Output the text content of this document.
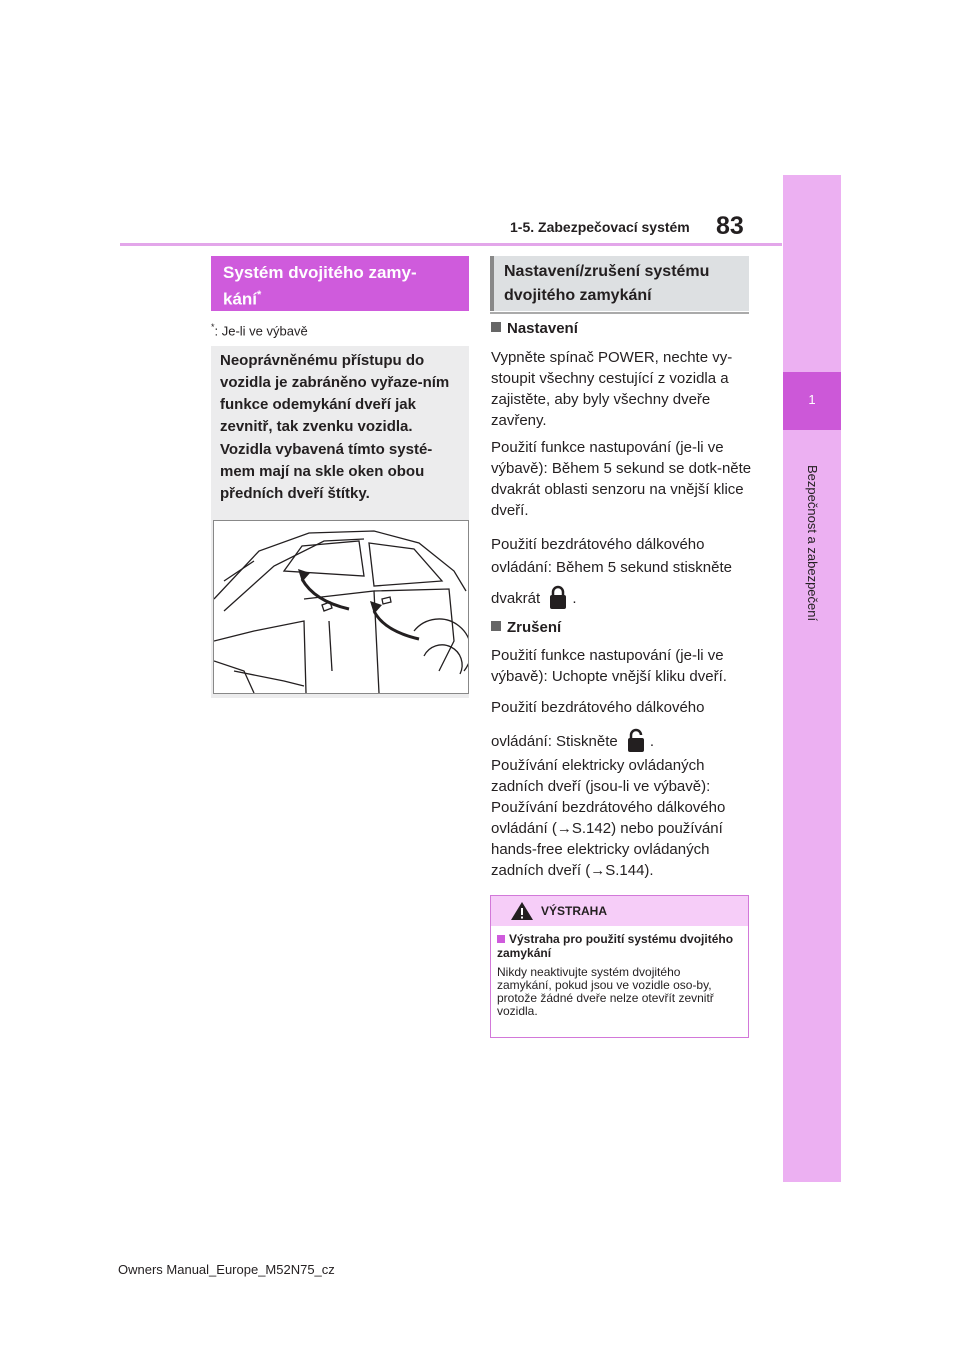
83
1-5. Zabezpečovací systém
1
Bezpečnost a zabezpečení
Systém dvojitého zamy-
kání*
*: Je-li ve výbavě
Neoprávněnému přístupu do vozidla je zabráněno vyřaze-ním funkce odemykání dveří jak zevnitř, tak zvenku vozidla.
Vozidla vybavená tímto systé-mem mají na skle oken obou předních dveří štítky.
Nastavení/zrušení systému
dvojitého zamykání
Nastavení
Vypněte spínač POWER, nechte vy-stoupit všechny cestující z vozidla a zajistěte, aby byly všechny dveře zavřeny.
Použití funkce nastupování (je-li ve výbavě): Během 5 sekund se dotk-něte dvakrát oblasti senzoru na vnější klice dveří.
Použití bezdrátového dálkového
ovládání: Během 5 sekund stiskněte
dvakrát .
Zrušení
Použití funkce nastupování (je-li ve výbavě): Uchopte vnější kliku dveří.
Použití bezdrátového dálkového
ovládání: Stiskněte .
Používání elektricky ovládaných zadních dveří (jsou-li ve výbavě): Používání bezdrátového dálkového ovládání (→S.142) nebo používání hands-free elektricky ovládaných zadních dveří (→S.144).
VÝSTRAHA
Výstraha pro použití systému dvojitého zamykání
Nikdy neaktivujte systém dvojitého zamykání, pokud jsou ve vozidle oso-by, protože žádné dveře nelze otevřít zevnitř vozidla.
Owners Manual_Europe_M52N75_cz
